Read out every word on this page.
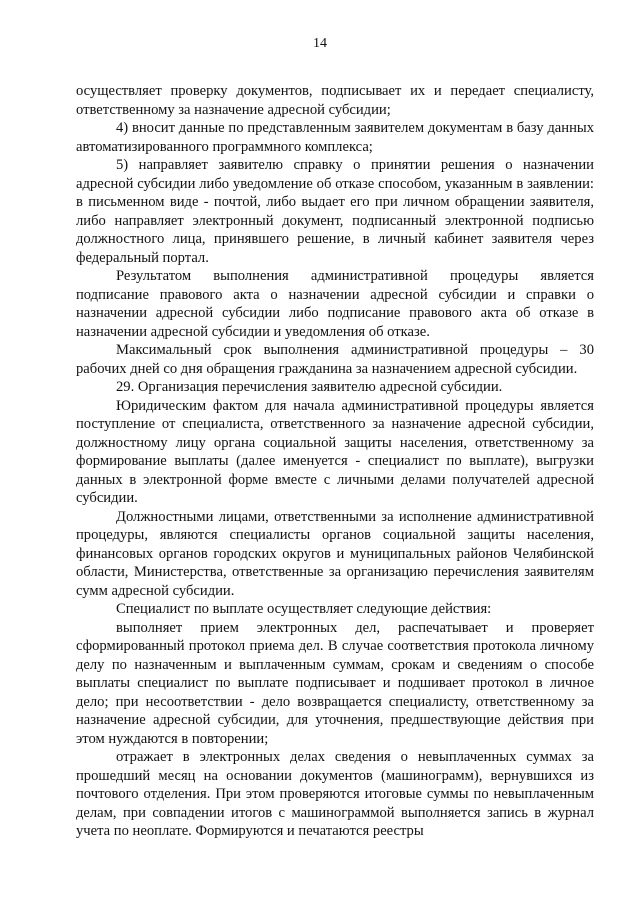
14

осуществляет проверку документов, подписывает их и передает специалисту, ответственному за назначение адресной субсидии;

4) вносит данные по представленным заявителем документам в базу данных автоматизированного программного комплекса;

5) направляет заявителю справку о принятии решения о назначении адресной субсидии либо уведомление об отказе способом, указанным в заявлении: в письменном виде - почтой, либо выдает его при личном обращении заявителя, либо направляет электронный документ, подписанный электронной подписью должностного лица, принявшего решение, в личный кабинет заявителя через федеральный портал.

Результатом выполнения административной процедуры является подписание правового акта о назначении адресной субсидии и справки о назначении адресной субсидии либо подписание правового акта об отказе в назначении адресной субсидии и уведомления об отказе.

Максимальный срок выполнения административной процедуры – 30 рабочих дней со дня обращения гражданина за назначением адресной субсидии.

29. Организация перечисления заявителю адресной субсидии.

Юридическим фактом для начала административной процедуры является поступление от специалиста, ответственного за назначение адресной субсидии, должностному лицу органа социальной защиты населения, ответственному за формирование выплаты (далее именуется - специалист по выплате), выгрузки данных в электронной форме вместе с личными делами получателей адресной субсидии.

Должностными лицами, ответственными за исполнение административной процедуры, являются специалисты органов социальной защиты населения, финансовых органов городских округов и муниципальных районов Челябинской области, Министерства, ответственные за организацию перечисления заявителям сумм адресной субсидии.

Специалист по выплате осуществляет следующие действия:

выполняет прием электронных дел, распечатывает и проверяет сформированный протокол приема дел. В случае соответствия протокола личному делу по назначенным и выплаченным суммам, срокам и сведениям о способе выплаты специалист по выплате подписывает и подшивает протокол в личное дело; при несоответствии - дело возвращается специалисту, ответственному за назначение адресной субсидии, для уточнения, предшествующие действия при этом нуждаются в повторении;

отражает в электронных делах сведения о невыплаченных суммах за прошедший месяц на основании документов (машинограмм), вернувшихся из почтового отделения. При этом проверяются итоговые суммы по невыплаченным делам, при совпадении итогов с машинограммой выполняется запись в журнал учета по неоплате. Формируются и печатаются реестры
